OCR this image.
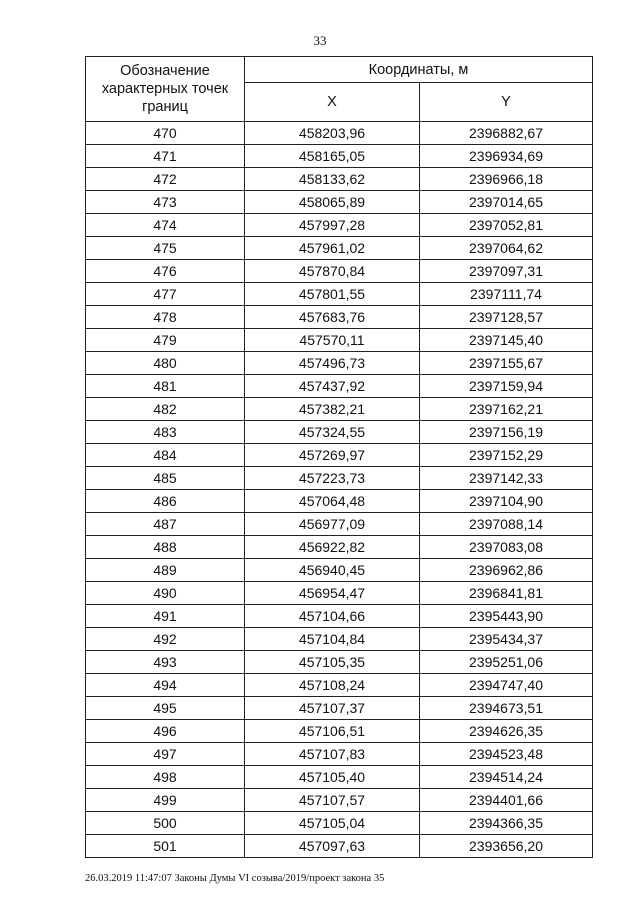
33
Обозначение характерных точек границ	Координаты, м	
	X	Y
470	458203,96	2396882,67
471	458165,05	2396934,69
472	458133,62	2396966,18
473	458065,89	2397014,65
474	457997,28	2397052,81
475	457961,02	2397064,62
476	457870,84	2397097,31
477	457801,55	2397111,74
478	457683,76	2397128,57
479	457570,11	2397145,40
480	457496,73	2397155,67
481	457437,92	2397159,94
482	457382,21	2397162,21
483	457324,55	2397156,19
484	457269,97	2397152,29
485	457223,73	2397142,33
486	457064,48	2397104,90
487	456977,09	2397088,14
488	456922,82	2397083,08
489	456940,45	2396962,86
490	456954,47	2396841,81
491	457104,66	2395443,90
492	457104,84	2395434,37
493	457105,35	2395251,06
494	457108,24	2394747,40
495	457107,37	2394673,51
496	457106,51	2394626,35
497	457107,83	2394523,48
498	457105,40	2394514,24
499	457107,57	2394401,66
500	457105,04	2394366,35
501	457097,63	2393656,20
26.03.2019 11:47:07 Законы Думы VI созыва/2019/проект закона 35
